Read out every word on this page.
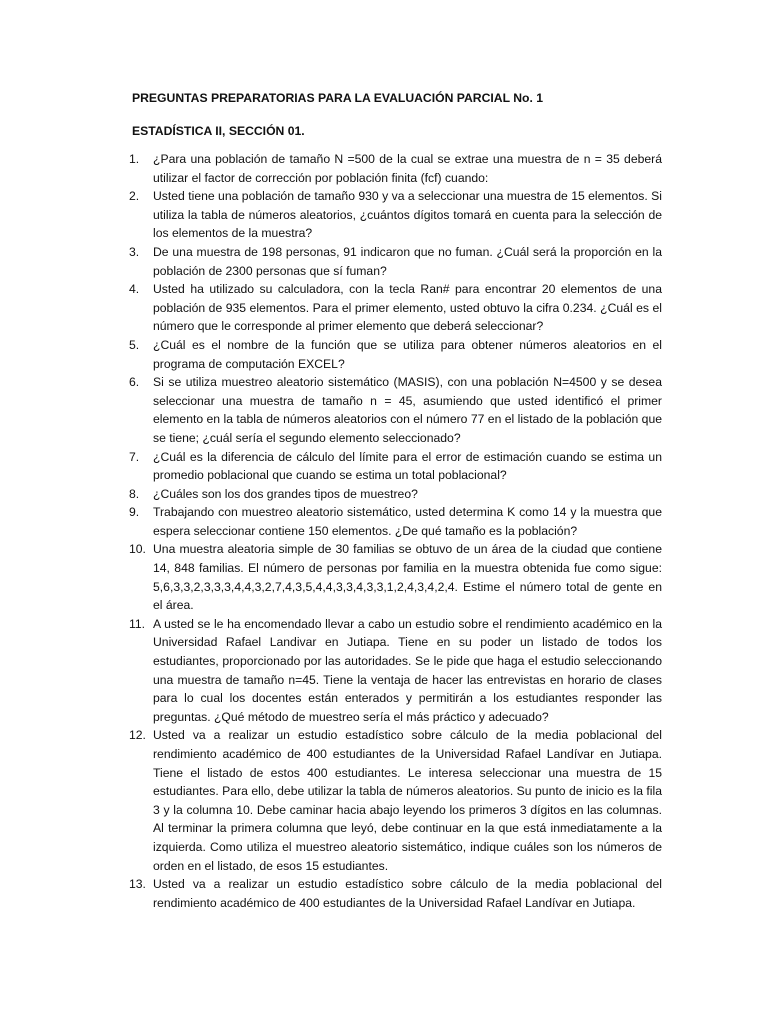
PREGUNTAS PREPARATORIAS PARA LA EVALUACIÓN PARCIAL No. 1
ESTADÍSTICA II, SECCIÓN 01.
1.	¿Para una población de tamaño N =500 de la cual se extrae una muestra de n = 35 deberá utilizar el factor de corrección por población finita (fcf) cuando:
2.	Usted tiene una población de tamaño 930 y va a seleccionar una muestra de 15 elementos. Si utiliza la tabla de números aleatorios, ¿cuántos dígitos tomará en cuenta para la selección de los elementos de la muestra?
3.	De una muestra de 198 personas, 91 indicaron que no fuman. ¿Cuál será la proporción en la población de 2300 personas que sí fuman?
4.	Usted ha utilizado su calculadora, con la tecla Ran# para encontrar 20 elementos de una población de 935 elementos. Para el primer elemento, usted obtuvo la cifra 0.234. ¿Cuál es el número que le corresponde al primer elemento que deberá seleccionar?
5.	¿Cuál es el nombre de la función que se utiliza para obtener números aleatorios en el programa de computación EXCEL?
6.	Si se utiliza muestreo aleatorio sistemático (MASIS), con una población N=4500 y se desea seleccionar una muestra de tamaño n = 45, asumiendo que usted identificó el primer elemento en la tabla de números aleatorios con el número 77 en el listado de la población que se tiene; ¿cuál sería el segundo elemento seleccionado?
7.	¿Cuál es la diferencia de cálculo del límite para el error de estimación cuando se estima un promedio poblacional que cuando se estima un total poblacional?
8.	¿Cuáles son los dos grandes tipos de muestreo?
9.	Trabajando con muestreo aleatorio sistemático, usted determina K como 14 y la muestra que espera seleccionar contiene 150 elementos. ¿De qué tamaño es la población?
10. Una muestra aleatoria simple de 30 familias se obtuvo de un área de la ciudad que contiene 14, 848 familias. El número de personas por familia en la muestra obtenida fue como sigue: 5,6,3,3,2,3,3,3,4,4,3,2,7,4,3,5,4,4,3,3,4,3,3,1,2,4,3,4,2,4. Estime el número total de gente en el área.
11. A usted se le ha encomendado llevar a cabo un estudio sobre el rendimiento académico en la Universidad Rafael Landivar en Jutiapa. Tiene en su poder un listado de todos los estudiantes, proporcionado por las autoridades. Se le pide que haga el estudio seleccionando una muestra de tamaño n=45. Tiene la ventaja de hacer las entrevistas en horario de clases para lo cual los docentes están enterados y permitirán a los estudiantes responder las preguntas. ¿Qué método de muestreo sería el más práctico y adecuado?
12. Usted va a realizar un estudio estadístico sobre cálculo de la media poblacional del rendimiento académico de 400 estudiantes de la Universidad Rafael Landívar en Jutiapa. Tiene el listado de estos 400 estudiantes. Le interesa seleccionar una muestra de 15 estudiantes. Para ello, debe utilizar la tabla de números aleatorios. Su punto de inicio es la fila 3 y la columna 10. Debe caminar hacia abajo leyendo los primeros 3 dígitos en las columnas. Al terminar la primera columna que leyó, debe continuar en la que está inmediatamente a la izquierda. Como utiliza el muestreo aleatorio sistemático, indique cuáles son los números de orden en el listado, de esos 15 estudiantes.
13. Usted va a realizar un estudio estadístico sobre cálculo de la media poblacional del rendimiento académico de 400 estudiantes de la Universidad Rafael Landívar en Jutiapa.
